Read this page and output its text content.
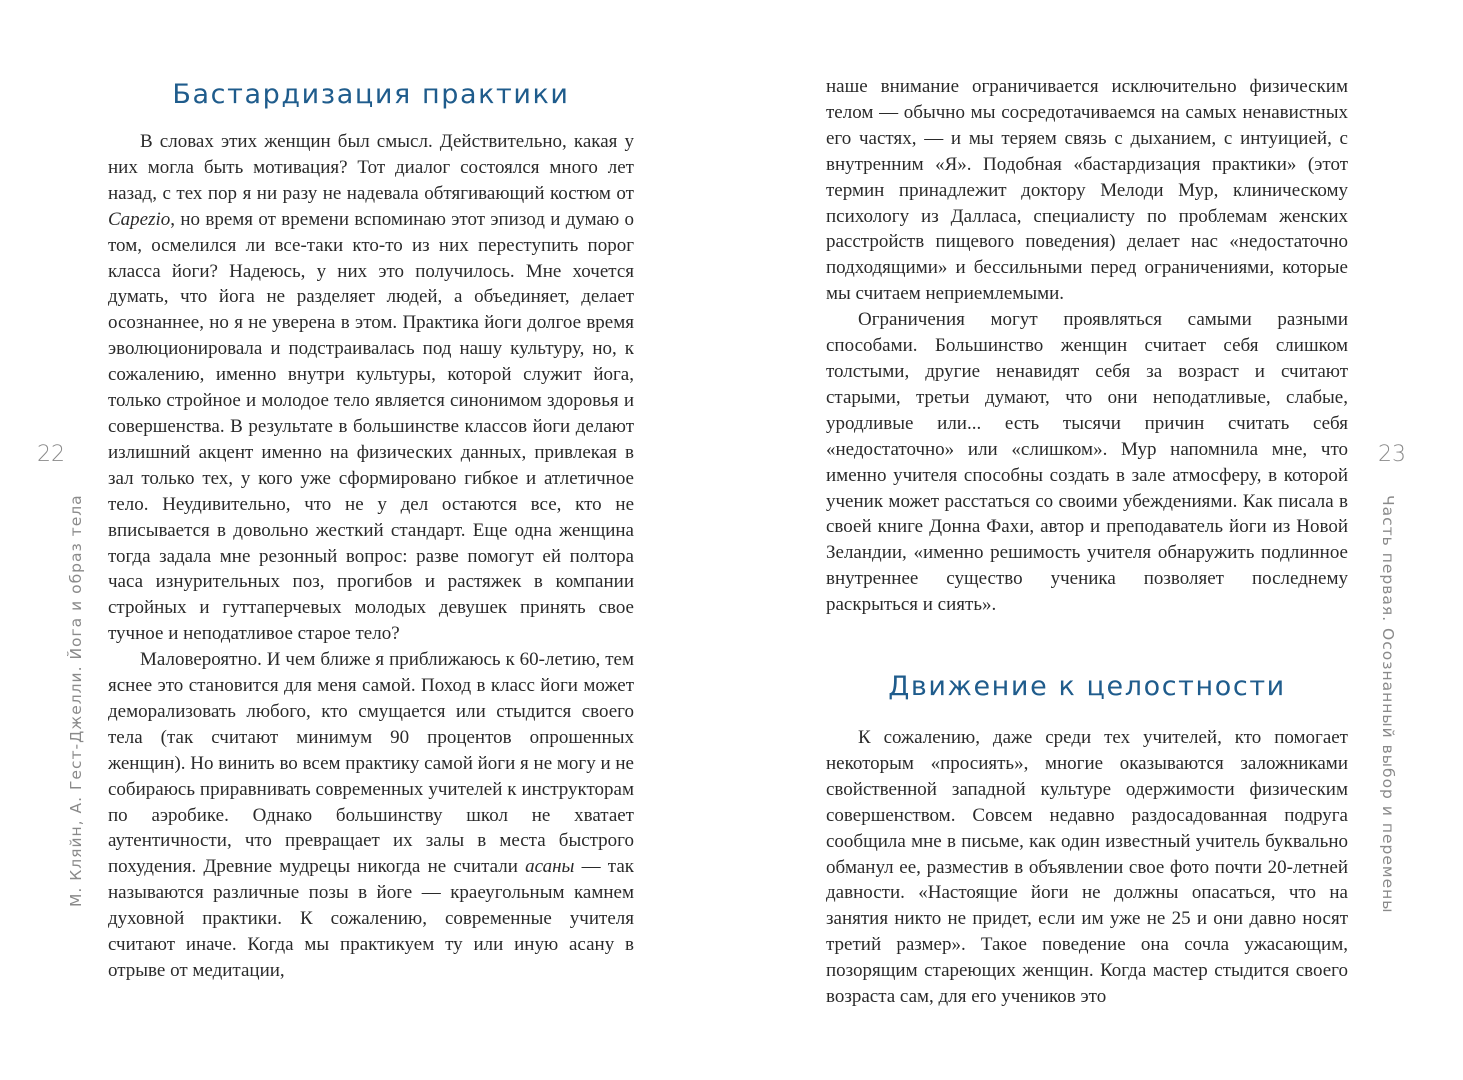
22
М. Кляйн, А. Гест-Джелли. Йога и образ тела
Бастардизация практики

В словах этих женщин был смысл. Действительно, какая у них могла быть мотивация? Тот диалог состоялся много лет назад, с тех пор я ни разу не надевала обтягивающий костюм от Capezio, но время от времени вспоминаю этот эпизод и думаю о том, осмелился ли все-таки кто-то из них переступить порог класса йоги? Надеюсь, у них это получилось. Мне хочется думать, что йога не разделяет людей, а объединяет, делает осознаннее, но я не уверена в этом. Практика йоги долгое время эволюционировала и подстраивалась под нашу культуру, но, к сожалению, именно внутри культуры, которой служит йога, только стройное и молодое тело является синонимом здоровья и совершенства. В результате в большинстве классов йоги делают излишний акцент именно на физических данных, привлекая в зал только тех, у кого уже сформировано гибкое и атлетичное тело. Неудивительно, что не у дел остаются все, кто не вписывается в довольно жесткий стандарт. Еще одна женщина тогда задала мне резонный вопрос: разве помогут ей полтора часа изнурительных поз, прогибов и растяжек в компании стройных и гуттаперчевых молодых девушек принять свое тучное и неподатливое старое тело?

Маловероятно. И чем ближе я приближаюсь к 60-летию, тем яснее это становится для меня самой. Поход в класс йоги может деморализовать любого, кто смущается или стыдится своего тела (так считают минимум 90 процентов опрошенных женщин). Но винить во всем практику самой йоги я не могу и не собираюсь приравнивать современных учителей к инструкторам по аэробике. Однако большинству школ не хватает аутентичности, что превращает их залы в места быстрого похудения. Древние мудрецы никогда не считали асаны — так называются различные позы в йоге — краеугольным камнем духовной практики. К сожалению, современные учителя считают иначе. Когда мы практикуем ту или иную асану в отрыве от медитации,

23
Часть первая. Осознанный выбор и перемены

наше внимание ограничивается исключительно физическим телом — обычно мы сосредотачиваемся на самых ненавистных его частях, — и мы теряем связь с дыханием, с интуицией, с внутренним «Я». Подобная «бастардизация практики» (этот термин принадлежит доктору Мелоди Мур, клиническому психологу из Далласа, специалисту по проблемам женских расстройств пищевого поведения) делает нас «недостаточно подходящими» и бессильными перед ограничениями, которые мы считаем неприемлемыми.

Ограничения могут проявляться самыми разными способами. Большинство женщин считает себя слишком толстыми, другие ненавидят себя за возраст и считают старыми, третьи думают, что они неподатливые, слабые, уродливые или... есть тысячи причин считать себя «недостаточно» или «слишком». Мур напомнила мне, что именно учителя способны создать в зале атмосферу, в которой ученик может расстаться со своими убеждениями. Как писала в своей книге Донна Фахи, автор и преподаватель йоги из Новой Зеландии, «именно решимость учителя обнаружить подлинное внутреннее существо ученика позволяет последнему раскрыться и сиять».

Движение к целостности

К сожалению, даже среди тех учителей, кто помогает некоторым «просиять», многие оказываются заложниками свойственной западной культуре одержимости физическим совершенством. Совсем недавно раздосадованная подруга сообщила мне в письме, как один известный учитель буквально обманул ее, разместив в объявлении свое фото почти 20-летней давности. «Настоящие йоги не должны опасаться, что на занятия никто не придет, если им уже не 25 и они давно носят третий размер». Такое поведение она сочла ужасающим, позорящим стареющих женщин. Когда мастер стыдится своего возраста сам, для его учеников это
